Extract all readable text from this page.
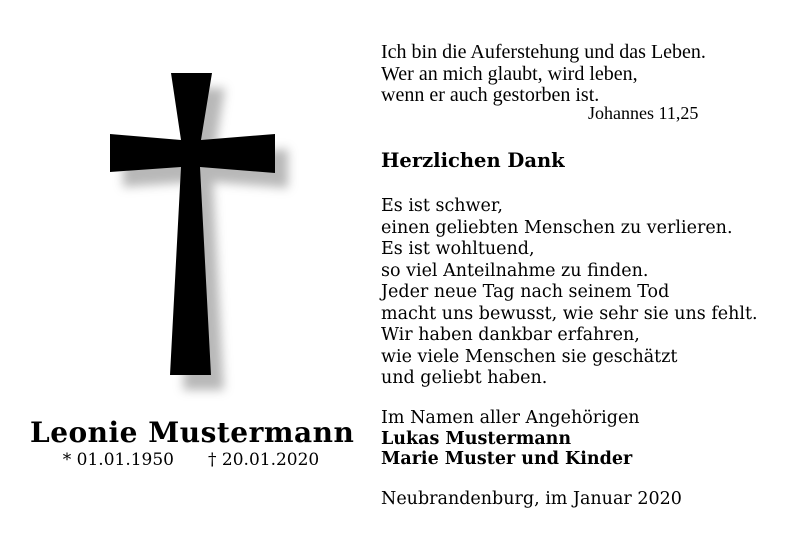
Leonie Mustermann
* 01.01.1950 † 20.01.2020
Ich bin die Auferstehung und das Leben.
Wer an mich glaubt, wird leben,
wenn er auch gestorben ist.
Johannes 11,25
Herzlichen Dank
Es ist schwer,
einen geliebten Menschen zu verlieren.
Es ist wohltuend,
so viel Anteilnahme zu finden.
Jeder neue Tag nach seinem Tod
macht uns bewusst, wie sehr sie uns fehlt.
Wir haben dankbar erfahren,
wie viele Menschen sie geschätzt
und geliebt haben.
Im Namen aller Angehörigen
Lukas Mustermann
Marie Muster und Kinder
Neubrandenburg, im Januar 2020
